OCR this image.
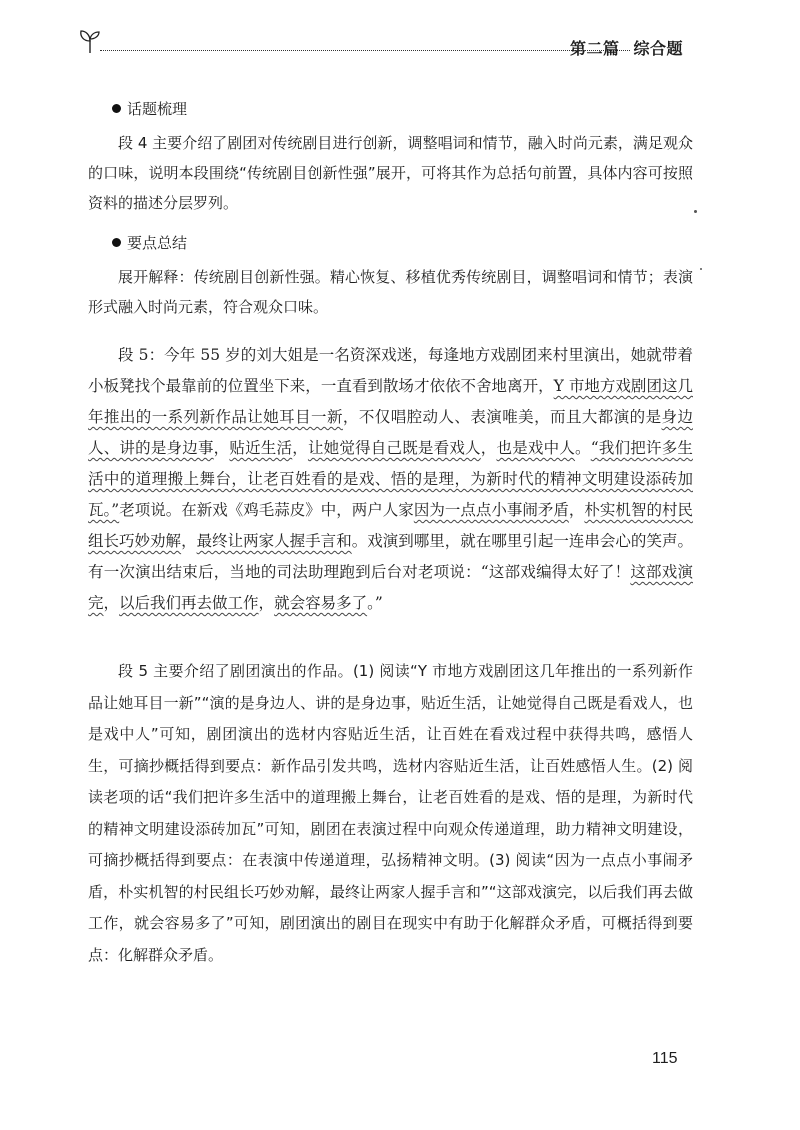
第二篇 综合题
话题梳理

段 4 主要介绍了剧团对传统剧目进行创新，调整唱词和情节，融入时尚元素，满足观众的口味，说明本段围绕“传统剧目创新性强”展开，可将其作为总括句前置，具体内容可按照资料的描述分层罗列。

要点总结

展开解释：传统剧目创新性强。精心恢复、移植优秀传统剧目，调整唱词和情节；表演形式融入时尚元素，符合观众口味。

段 5：今年 55 岁的刘大姐是一名资深戏迷，每逢地方戏剧团来村里演出，她就带着小板凳找个最靠前的位置坐下来，一直看到散场才依依不舍地离开，Y 市地方戏剧团这几年推出的一系列新作品让她耳目一新，不仅唱腔动人、表演唯美，而且大都演的是身边人、讲的是身边事，贴近生活，让她觉得自己既是看戏人，也是戏中人。“我们把许多生活中的道理搬上舞台，让老百姓看的是戏、悟的是理，为新时代的精神文明建设添砖加瓦。”老项说。在新戏《鸡毛蒜皮》中，两户人家因为一点点小事闹矛盾，朴实机智的村民组长巧妙劝解，最终让两家人握手言和。戏演到哪里，就在哪里引起一连串会心的笑声。有一次演出结束后，当地的司法助理跑到后台对老项说：“这部戏编得太好了！这部戏演完，以后我们再去做工作，就会容易多了。”

段 5 主要介绍了剧团演出的作品。(1) 阅读“Y 市地方戏剧团这几年推出的一系列新作品让她耳目一新”“演的是身边人、讲的是身边事，贴近生活，让她觉得自己既是看戏人，也是戏中人”可知，剧团演出的选材内容贴近生活，让百姓在看戏过程中获得共鸣，感悟人生，可摘抄概括得到要点：新作品引发共鸣，选材内容贴近生活，让百姓感悟人生。(2) 阅读老项的话“我们把许多生活中的道理搬上舞台，让老百姓看的是戏、悟的是理，为新时代的精神文明建设添砖加瓦”可知，剧团在表演过程中向观众传递道理，助力精神文明建设，可摘抄概括得到要点：在表演中传递道理，弘扬精神文明。(3) 阅读“因为一点点小事闹矛盾，朴实机智的村民组长巧妙劝解，最终让两家人握手言和”“这部戏演完，以后我们再去做工作，就会容易多了”可知，剧团演出的剧目在现实中有助于化解群众矛盾，可概括得到要点：化解群众矛盾。

115
